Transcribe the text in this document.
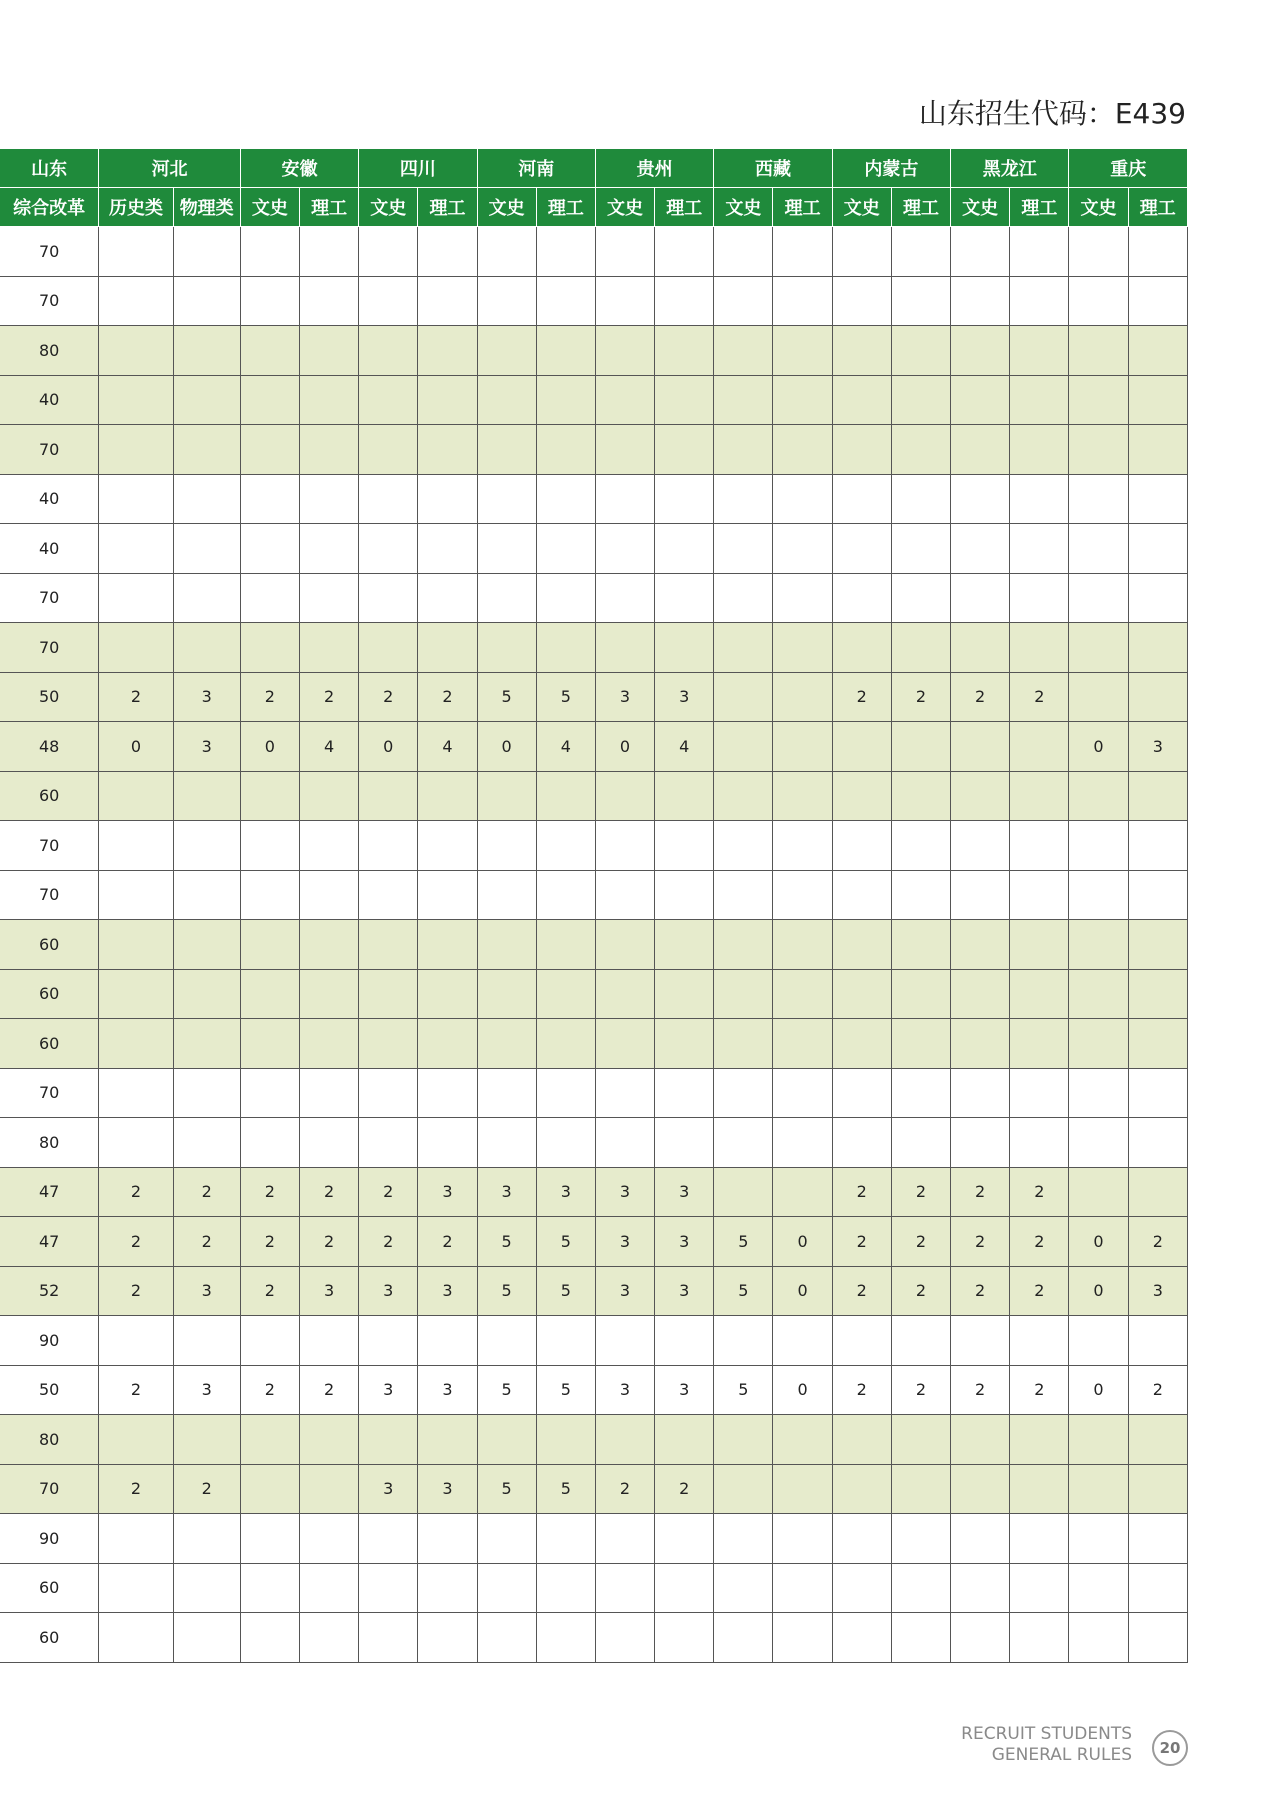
山东招生代码：E439
山东	河北		安徽		四川		河南		贵州		西藏		内蒙古		黑龙江		重庆	
综合改革	历史类	物理类	文史	理工	文史	理工	文史	理工	文史	理工	文史	理工	文史	理工	文史	理工	文史	理工
70																		
70																		
80																		
40																		
70																		
40																		
40																		
70																		
70																		
50	2	3	2	2	2	2	5	5	3	3			2	2	2	2		
48	0	3	0	4	0	4	0	4	0	4							0	3
60																		
70																		
70																		
60																		
60																		
60																		
70																		
80																		
47	2	2	2	2	2	3	3	3	3	3			2	2	2	2		
47	2	2	2	2	2	2	5	5	3	3	5	0	2	2	2	2	0	2
52	2	3	2	3	3	3	5	5	3	3	5	0	2	2	2	2	0	3
90																		
50	2	3	2	2	3	3	5	5	3	3	5	0	2	2	2	2	0	2
80																		
70	2	2			3	3	5	5	2	2								
90																		
60																		
60																		
RECRUIT STUDENTS
GENERAL RULES	20
